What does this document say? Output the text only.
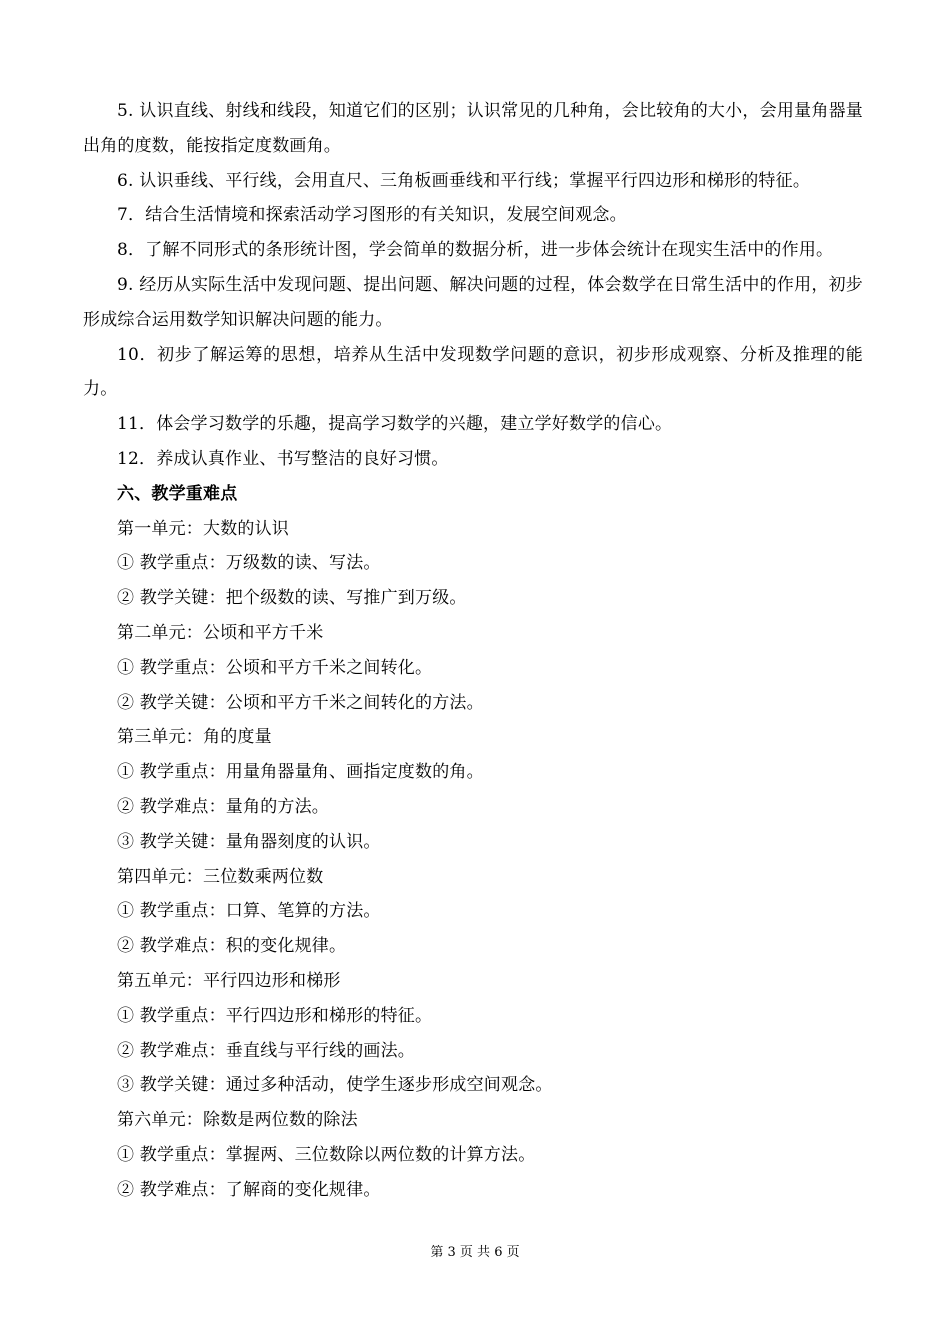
5. 认识直线、射线和线段，知道它们的区别；认识常见的几种角，会比较角的大小，会用量角器量出角的度数，能按指定度数画角。

6. 认识垂线、平行线，会用直尺、三角板画垂线和平行线；掌握平行四边形和梯形的特征。

7．结合生活情境和探索活动学习图形的有关知识，发展空间观念。

8．了解不同形式的条形统计图，学会简单的数据分析，进一步体会统计在现实生活中的作用。

9. 经历从实际生活中发现问题、提出问题、解决问题的过程，体会数学在日常生活中的作用，初步形成综合运用数学知识解决问题的能力。

10．初步了解运筹的思想，培养从生活中发现数学问题的意识，初步形成观察、分析及推理的能力。

11．体会学习数学的乐趣，提高学习数学的兴趣，建立学好数学的信心。

12．养成认真作业、书写整洁的良好习惯。

六、教学重难点

第一单元：大数的认识

① 教学重点：万级数的读、写法。

② 教学关键：把个级数的读、写推广到万级。

第二单元：公顷和平方千米

① 教学重点：公顷和平方千米之间转化。

② 教学关键：公顷和平方千米之间转化的方法。

第三单元：角的度量

① 教学重点：用量角器量角、画指定度数的角。

② 教学难点：量角的方法。

③ 教学关键：量角器刻度的认识。

第四单元：三位数乘两位数

① 教学重点：口算、笔算的方法。

② 教学难点：积的变化规律。

第五单元：平行四边形和梯形

① 教学重点：平行四边形和梯形的特征。

② 教学难点：垂直线与平行线的画法。

③ 教学关键：通过多种活动，使学生逐步形成空间观念。

第六单元：除数是两位数的除法

① 教学重点：掌握两、三位数除以两位数的计算方法。

② 教学难点：了解商的变化规律。

第 3 页 共 6 页
